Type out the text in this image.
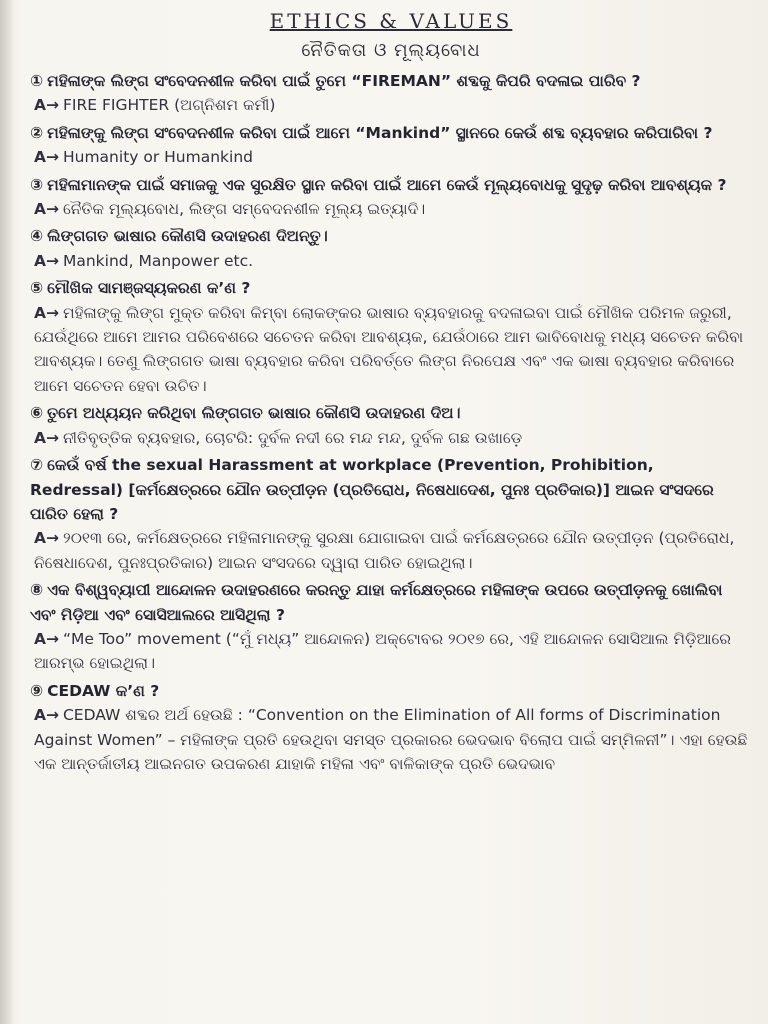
ETHICS & VALUES
ନୈତିକତା ଓ ମୂଲ୍ୟବୋଧ

① ମହିଳାଙ୍କ ଲିଙ୍ଗ ସଂବେଦନଶୀଳ କରିବା ପାଇଁ ତୁମେ “FIREMAN” ଶବ୍ଦକୁ କିପରି ବଦଳାଇ ପାରିବ ?

A→ FIRE FIGHTER (ଅଗ୍ନିଶମ କର୍ମୀ)

② ମହିଳାଙ୍କୁ ଲିଙ୍ଗ ସଂବେଦନଶୀଳ କରିବା ପାଇଁ ଆମେ “Mankind” ସ୍ଥାନରେ କେଉଁ ଶବ୍ଦ ବ୍ୟବହାର କରିପାରିବା ?

A→ Humanity or Humankind

③ ମହିଳାମାନଙ୍କ ପାଇଁ ସମାଜକୁ ଏକ ସୁରକ୍ଷିତ ସ୍ଥାନ କରିବା ପାଇଁ ଆମେ କେଉଁ ମୂଲ୍ୟବୋଧକୁ ସୁଦୃଢ଼ କରିବା ଆବଶ୍ୟକ ?

A→ ନୈତିକ ମୂଲ୍ୟବୋଧ, ଲିଙ୍ଗ ସମ୍ବେଦନଶୀଳ ମୂଲ୍ୟ ଇତ୍ୟାଦି।

④ ଲିଙ୍ଗଗତ ଭାଷାର କୌଣସି ଉଦାହରଣ ଦିଅନ୍ତୁ।

A→ Mankind, Manpower etc.

⑤ ମୌଖିକ ସାମଞ୍ଜସ୍ୟକରଣ କ’ଣ ?

A→ ମହିଳାଙ୍କୁ ଲିଙ୍ଗ ମୁକ୍ତ କରିବା କିମ୍ବା ଲୋକଙ୍କର ଭାଷାର ବ୍ୟବହାରକୁ ବଦଳାଇବା ପାଇଁ ମୌଖିକ ପରିମଳ ଜରୁରୀ, ଯେଉଁଥିରେ ଆମେ ଆମର ପରିବେଶରେ ସଚେତନ କରିବା ଆବଶ୍ୟକ, ଯେଉଁଠାରେ ଆମ ଭାବିବୋଧକୁ ମଧ୍ୟ ସଚେତନ କରିବା ଆବଶ୍ୟକ। ତେଣୁ ଲିଙ୍ଗଗତ ଭାଷା ବ୍ୟବହାର କରିବା ପରିବର୍ତ୍ତେ ଲିଙ୍ଗ ନିରପେକ୍ଷ ଏବଂ ଏକ ଭାଷା ବ୍ୟବହାର କରିବାରେ ଆମେ ସଚେତନ ହେବା ଉଚିତ।

⑥ ତୁମେ ଅଧ୍ୟୟନ କରିଥିବା ଲିଙ୍ଗଗତ ଭାଷାର କୌଣସି ଉଦାହରଣ ଦିଅ।

A→ ନୀତିବୃତ୍ତିକ ବ୍ୟବହାର, ଚୋଟରି: ଦୁର୍ବଳ ନଦୀ ରେ ମନ୍ଦ ମନ୍ଦ, ଦୁର୍ବଳ ଗଛ ଉଖାଡ଼େ

⑦ କେଉଁ ବର୍ଷ the sexual Harassment at workplace (Prevention, Prohibition, Redressal) [କର୍ମକ୍ଷେତ୍ରରେ ଯୌନ ଉତ୍ପୀଡ଼ନ (ପ୍ରତିରୋଧ, ନିଷେଧାଦେଶ, ପୁନଃ ପ୍ରତିକାର)] ଆଇନ ସଂସଦରେ ପାରିତ ହେଲା ?

A→ ୨୦୧୩ ରେ, କର୍ମକ୍ଷେତ୍ରରେ ମହିଳାମାନଙ୍କୁ ସୁରକ୍ଷା ଯୋଗାଇବା ପାଇଁ କର୍ମକ୍ଷେତ୍ରରେ ଯୌନ ଉତ୍ପୀଡ଼ନ (ପ୍ରତିରୋଧ, ନିଷେଧାଦେଶ, ପୁନଃପ୍ରତିକାର) ଆଇନ ସଂସଦରେ ଦ୍ୱାରା ପାରିତ ହୋଇଥିଲା।

⑧ ଏକ ବିଶ୍ୱବ୍ୟାପୀ ଆନ୍ଦୋଳନ ଉଦାହରଣରେ କରନ୍ତୁ ଯାହା କର୍ମକ୍ଷେତ୍ରରେ ମହିଳାଙ୍କ ଉପରେ ଉତ୍ପୀଡ଼ନକୁ ଖୋଲିବା ଏବଂ ମିଡ଼ିଆ ଏବଂ ସୋସିଆଲରେ ଆସିଥିଲା ?

A→ “Me Too” movement (“ମୁଁ ମଧ୍ୟ” ଆନ୍ଦୋଳନ) ଅକ୍ଟୋବର ୨୦୧୭ ରେ, ଏହି ଆନ୍ଦୋଳନ ସୋସିଆଲ ମିଡ଼ିଆରେ ଆରମ୍ଭ ହୋଇଥିଲା।

⑨ CEDAW କ’ଣ ?

A→ CEDAW ଶବ୍ଦର ଅର୍ଥ ହେଉଛି : “Convention on the Elimination of All forms of Discrimination Against Women” – ମହିଳାଙ୍କ ପ୍ରତି ହେଉଥିବା ସମସ୍ତ ପ୍ରକାରର ଭେଦଭାବ ବିଲୋପ ପାଇଁ ସମ୍ମିଳନୀ”। ଏହା ହେଉଛି ଏକ ଆନ୍ତର୍ଜାତୀୟ ଆଇନଗତ ଉପକରଣ ଯାହାକି ମହିଳା ଏବଂ ବାଳିକାଙ୍କ ପ୍ରତି ଭେଦଭାବ
